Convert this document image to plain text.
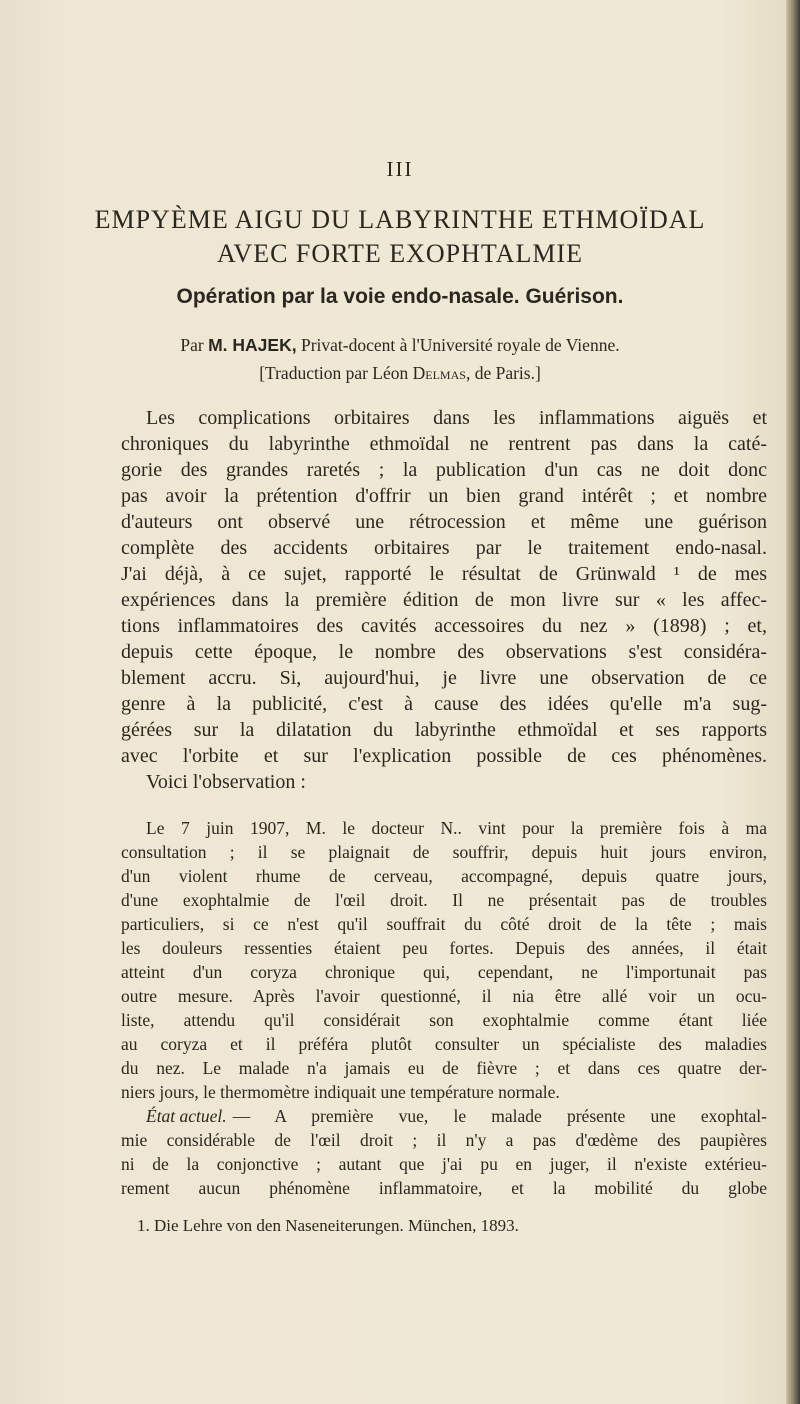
III
EMPYÈME AIGU DU LABYRINTHE ETHMOÏDAL
AVEC FORTE EXOPHTALMIE
Opération par la voie endo-nasale. Guérison.
Par M. HAJEK, Privat-docent à l'Université royale de Vienne.
[Traduction par Léon Delmas, de Paris.]
Les complications orbitaires dans les inflammations aiguës et
chroniques du labyrinthe ethmoïdal ne rentrent pas dans la caté-
gorie des grandes raretés ; la publication d'un cas ne doit donc
pas avoir la prétention d'offrir un bien grand intérêt ; et nombre
d'auteurs ont observé une rétrocession et même une guérison
complète des accidents orbitaires par le traitement endo-nasal.
J'ai déjà, à ce sujet, rapporté le résultat de Grünwald ¹ de mes
expériences dans la première édition de mon livre sur « les affec-
tions inflammatoires des cavités accessoires du nez » (1898) ; et,
depuis cette époque, le nombre des observations s'est considéra-
blement accru. Si, aujourd'hui, je livre une observation de ce
genre à la publicité, c'est à cause des idées qu'elle m'a sug-
gérées sur la dilatation du labyrinthe ethmoïdal et ses rapports
avec l'orbite et sur l'explication possible de ces phénomènes.
Voici l'observation :
Le 7 juin 1907, M. le docteur N.. vint pour la première fois à ma
consultation ; il se plaignait de souffrir, depuis huit jours environ,
d'un violent rhume de cerveau, accompagné, depuis quatre jours,
d'une exophtalmie de l'œil droit. Il ne présentait pas de troubles
particuliers, si ce n'est qu'il souffrait du côté droit de la tête ; mais
les douleurs ressenties étaient peu fortes. Depuis des années, il était
atteint d'un coryza chronique qui, cependant, ne l'importunait pas
outre mesure. Après l'avoir questionné, il nia être allé voir un ocu-
liste, attendu qu'il considérait son exophtalmie comme étant liée
au coryza et il préféra plutôt consulter un spécialiste des maladies
du nez. Le malade n'a jamais eu de fièvre ; et dans ces quatre der-
niers jours, le thermomètre indiquait une température normale.
État actuel. — A première vue, le malade présente une exophtal-
mie considérable de l'œil droit ; il n'y a pas d'œdème des paupières
ni de la conjonctive ; autant que j'ai pu en juger, il n'existe extérieu-
rement aucun phénomène inflammatoire, et la mobilité du globe
1. Die Lehre von den Naseneiterungen. München, 1893.
